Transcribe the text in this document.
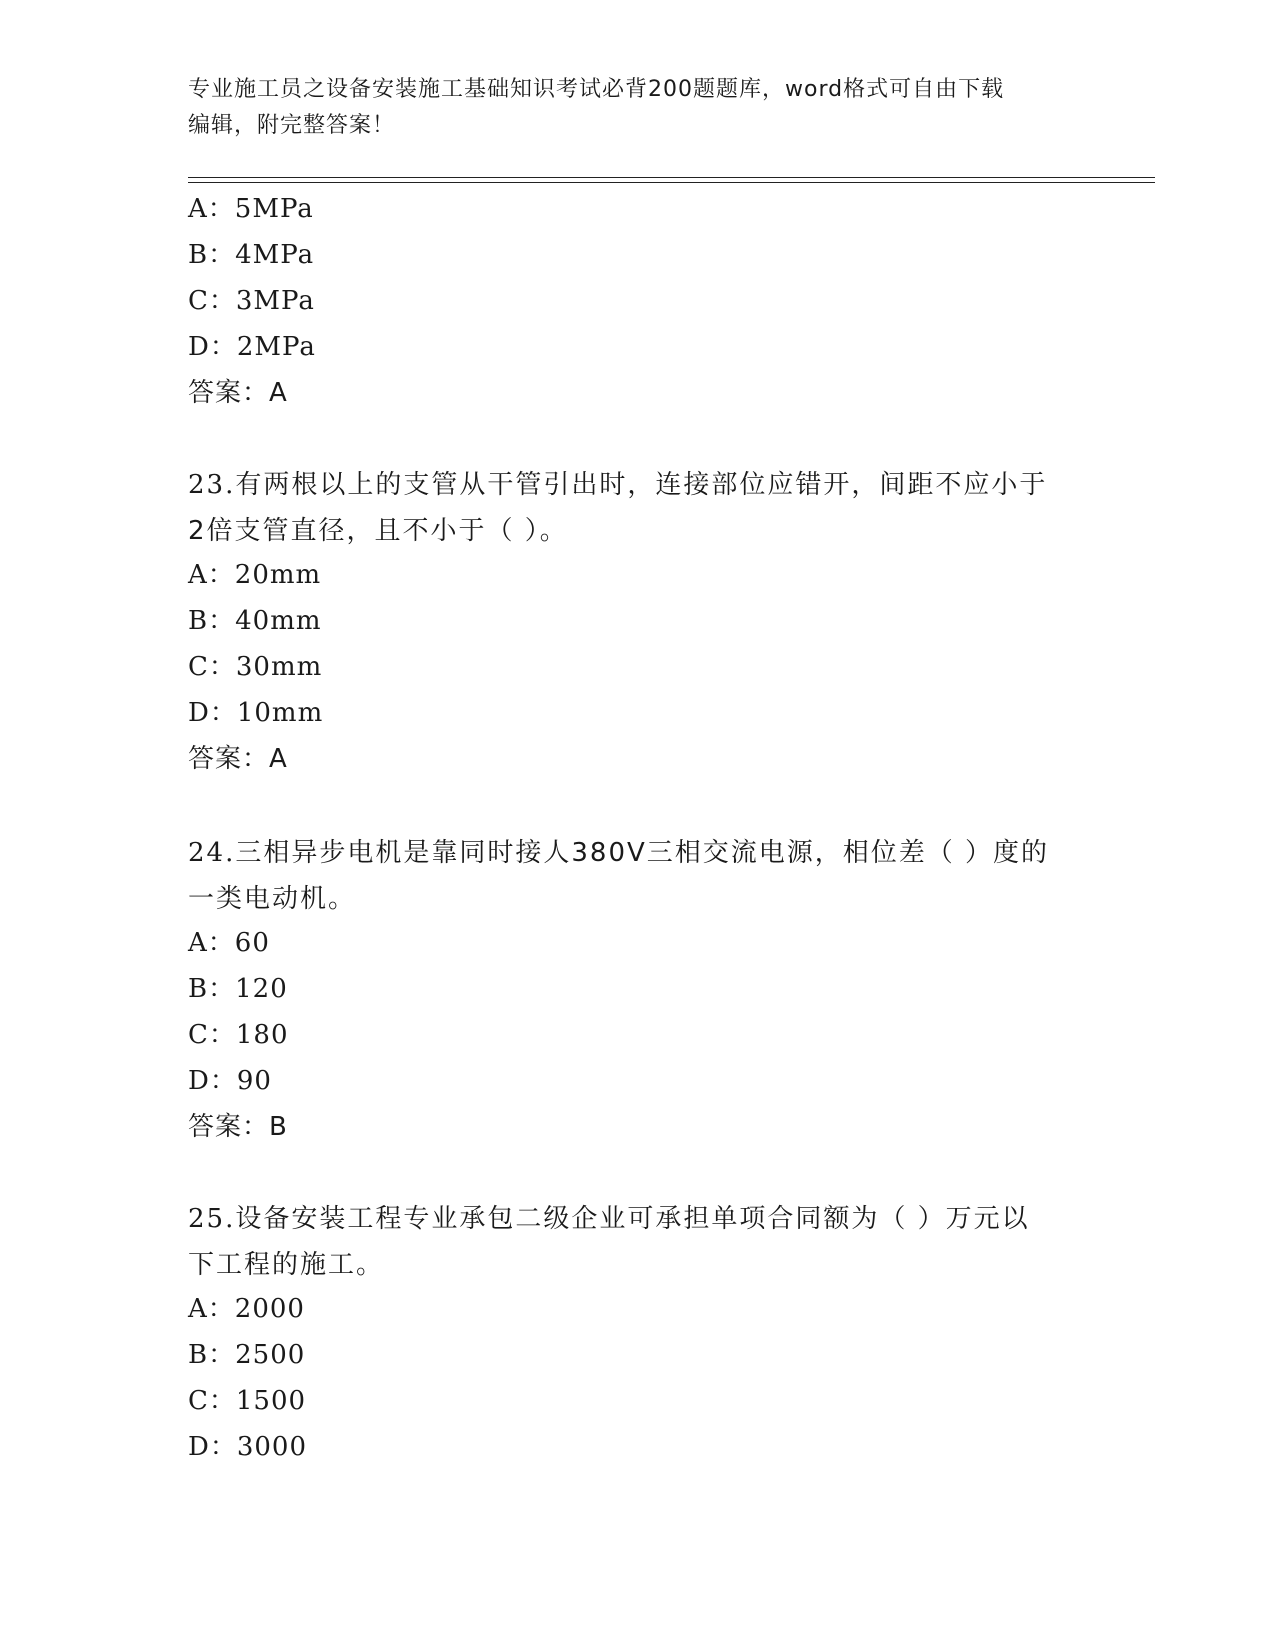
专业施工员之设备安装施工基础知识考试必背200题题库，word格式可自由下载
编辑，附完整答案！
A：5MPa
B：4MPa
C：3MPa
D：2MPa
答案：A
23.有两根以上的支管从干管引出时，连接部位应错开，间距不应小于
2倍支管直径，且不小于（ ）。
A：20mm
B：40mm
C：30mm
D：10mm
答案：A
24.三相异步电机是靠同时接人380V三相交流电源，相位差（ ）度的
一类电动机。
A：60
B：120
C：180
D：90
答案：B
25.设备安装工程专业承包二级企业可承担单项合同额为（ ）万元以
下工程的施工。
A：2000
B：2500
C：1500
D：3000
